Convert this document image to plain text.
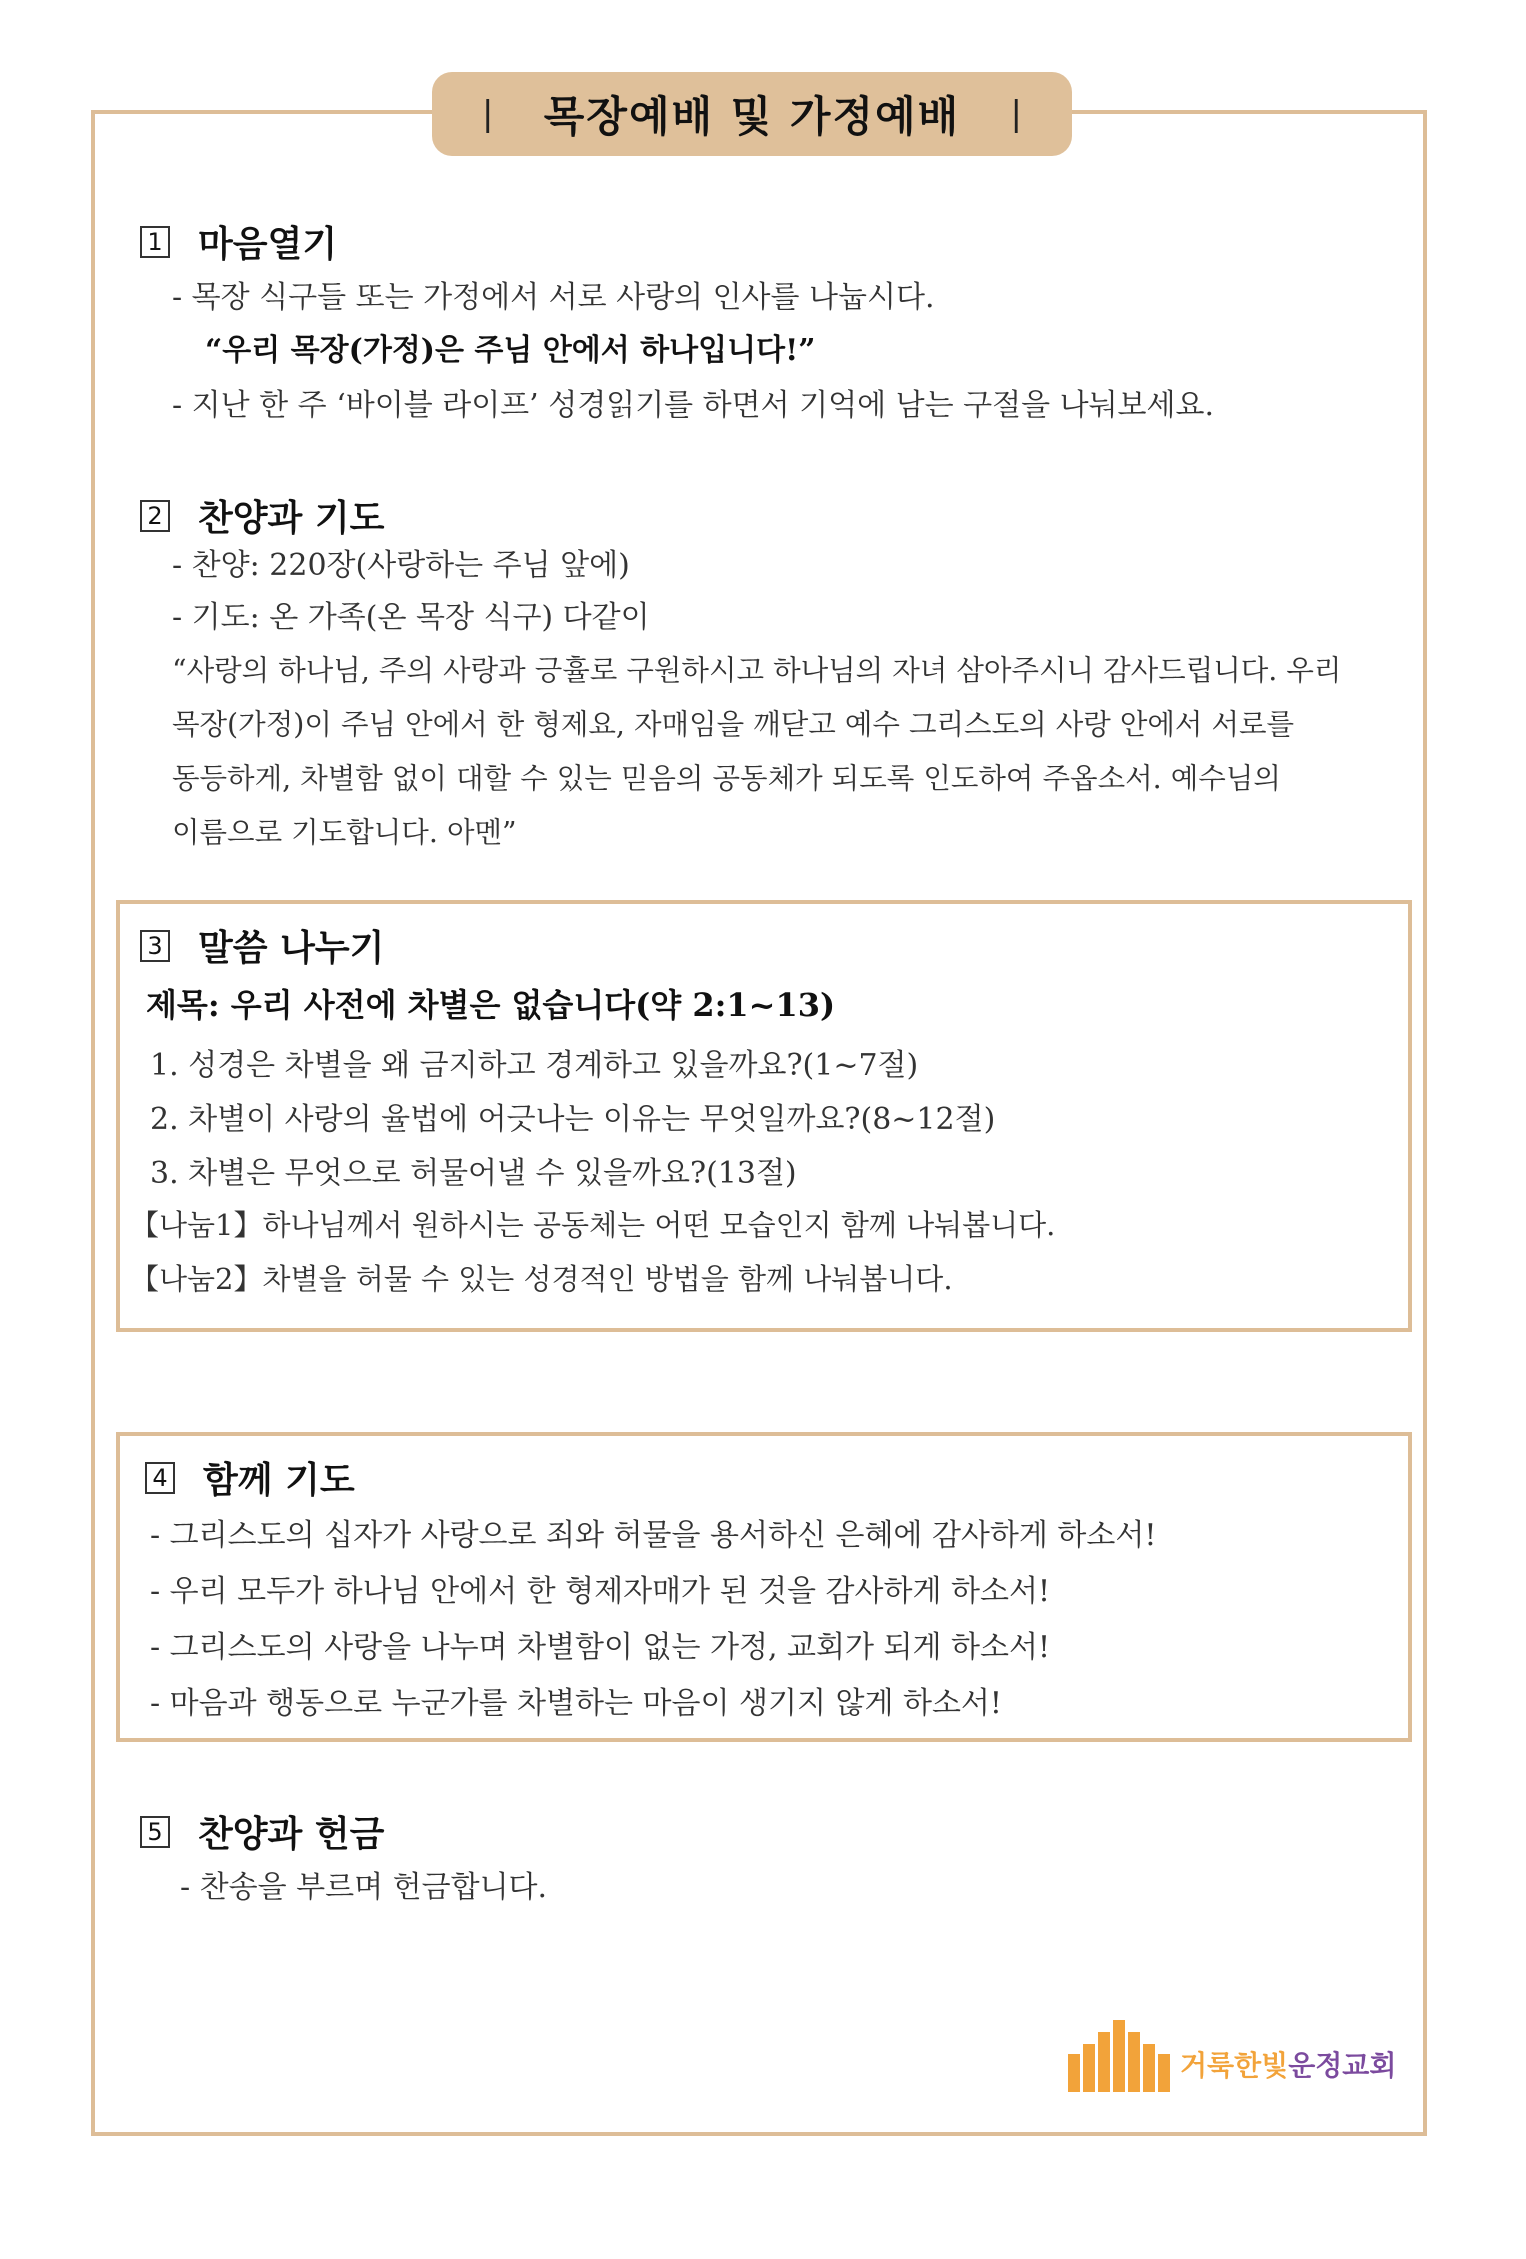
| 목장예배 및 가정예배 |
1 마음열기
- 목장 식구들 또는 가정에서 서로 사랑의 인사를 나눕시다.
“우리 목장(가정)은 주님 안에서 하나입니다!”
- 지난 한 주 ‘바이블 라이프’ 성경읽기를 하면서 기억에 남는 구절을 나눠보세요.
2 찬양과 기도
- 찬양: 220장(사랑하는 주님 앞에)
- 기도: 온 가족(온 목장 식구) 다같이
“사랑의 하나님, 주의 사랑과 긍휼로 구원하시고 하나님의 자녀 삼아주시니 감사드립니다. 우리
목장(가정)이 주님 안에서 한 형제요, 자매임을 깨닫고 예수 그리스도의 사랑 안에서 서로를
동등하게, 차별함 없이 대할 수 있는 믿음의 공동체가 되도록 인도하여 주옵소서. 예수님의
이름으로 기도합니다. 아멘”
3 말씀 나누기
제목: 우리 사전에 차별은 없습니다(약 2:1~13)
1. 성경은 차별을 왜 금지하고 경계하고 있을까요?(1~7절)
2. 차별이 사랑의 율법에 어긋나는 이유는 무엇일까요?(8~12절)
3. 차별은 무엇으로 허물어낼 수 있을까요?(13절)
【나눔1】하나님께서 원하시는 공동체는 어떤 모습인지 함께 나눠봅니다.
【나눔2】차별을 허물 수 있는 성경적인 방법을 함께 나눠봅니다.
4 함께 기도
- 그리스도의 십자가 사랑으로 죄와 허물을 용서하신 은혜에 감사하게 하소서!
- 우리 모두가 하나님 안에서 한 형제자매가 된 것을 감사하게 하소서!
- 그리스도의 사랑을 나누며 차별함이 없는 가정, 교회가 되게 하소서!
- 마음과 행동으로 누군가를 차별하는 마음이 생기지 않게 하소서!
5 찬양과 헌금
- 찬송을 부르며 헌금합니다.
거룩한빛운정교회
